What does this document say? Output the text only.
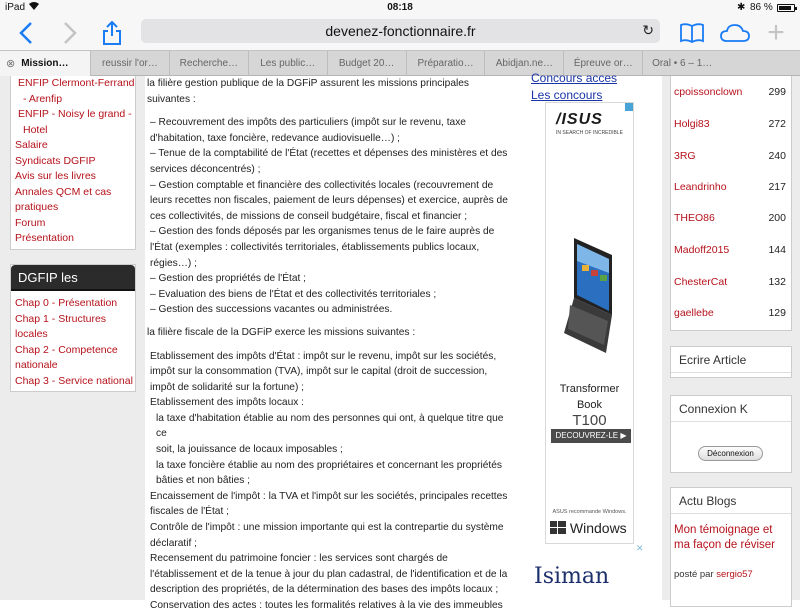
iPad	08:18	✱ 86 %
devenez-fonctionnaire.fr	↻	+
⊗ Mission…	reussir l'or… Recherche… Les public… Budget 20… Préparatio… Abidjan.ne… Épreuve or… Oral • 6 – 1…
ENFIP Clermont-Ferrand
- Arenfip
ENFIP - Noisy le grand -
Hotel
Salaire
Syndicats DGFIP
Avis sur les livres
Annales QCM et cas
pratiques
Forum
Présentation
DGFIP les
Chap 0 - Présentation
Chap 1 - Structures
locales
Chap 2 - Competence
nationale
Chap 3 - Service national

la filière gestion publique de la DGFiP assurent les missions principales

suivantes :

– Recouvrement des impôts des particuliers (impôt sur le revenu, taxe

d'habitation, taxe foncière, redevance audiovisuelle…) ;

– Tenue de la comptabilité de l'État (recettes et dépenses des ministères et des

services déconcentrés) ;

– Gestion comptable et financière des collectivités locales (recouvrement de

leurs recettes non fiscales, paiement de leurs dépenses) et exercice, auprès de

ces collectivités, de missions de conseil budgétaire, fiscal et financier ;

– Gestion des fonds déposés par les organismes tenus de le faire auprès de

l'État (exemples : collectivités territoriales, établissements publics locaux,

régies…) ;

– Gestion des propriétés de l'État ;

– Evaluation des biens de l'État et des collectivités territoriales ;

– Gestion des successions vacantes ou administrées.

la filière fiscale de la DGFiP exerce les missions suivantes :

Etablissement des impôts d'État : impôt sur le revenu, impôt sur les sociétés,

impôt sur la consommation (TVA), impôt sur le capital (droit de succession,

impôt de solidarité sur la fortune) ;

Etablissement des impôts locaux :

la taxe d'habitation établie au nom des personnes qui ont, à quelque titre que ce

soit, la jouissance de locaux imposables ;

la taxe foncière établie au nom des propriétaires et concernant les propriétés

bâties et non bâties ;

Encaissement de l'impôt : la TVA et l'impôt sur les sociétés, principales recettes

fiscales de l'État ;

Contrôle de l'impôt : une mission importante qui est la contrepartie du système

déclaratif ;

Recensement du patrimoine foncier : les services sont chargés de

l'établissement et de la tenue à jour du plan cadastral, de l'identification et de la

description des propriétés, de la détermination des bases des impôts locaux ;

Conservation des actes : toutes les formalités relatives à la vie des immeubles

Concours acces
Les concours
/ISUS
IN SEARCH OF INCREDIBLE
Transformer Book
T100
DECOUVREZ-LE ▶
ASUS recommande Windows.
Windows
✕
Isiman
cpoissonclown 299
Holgi83	272
3RG	240
Leandrinho	217
THEO86	200
Madoff2015	144
ChesterCat	132
gaellebe	129
Ecrire Article
Connexion K
Déconnexion
Actu Blogs
Mon témoignage et ma façon de réviser
posté par sergio57
